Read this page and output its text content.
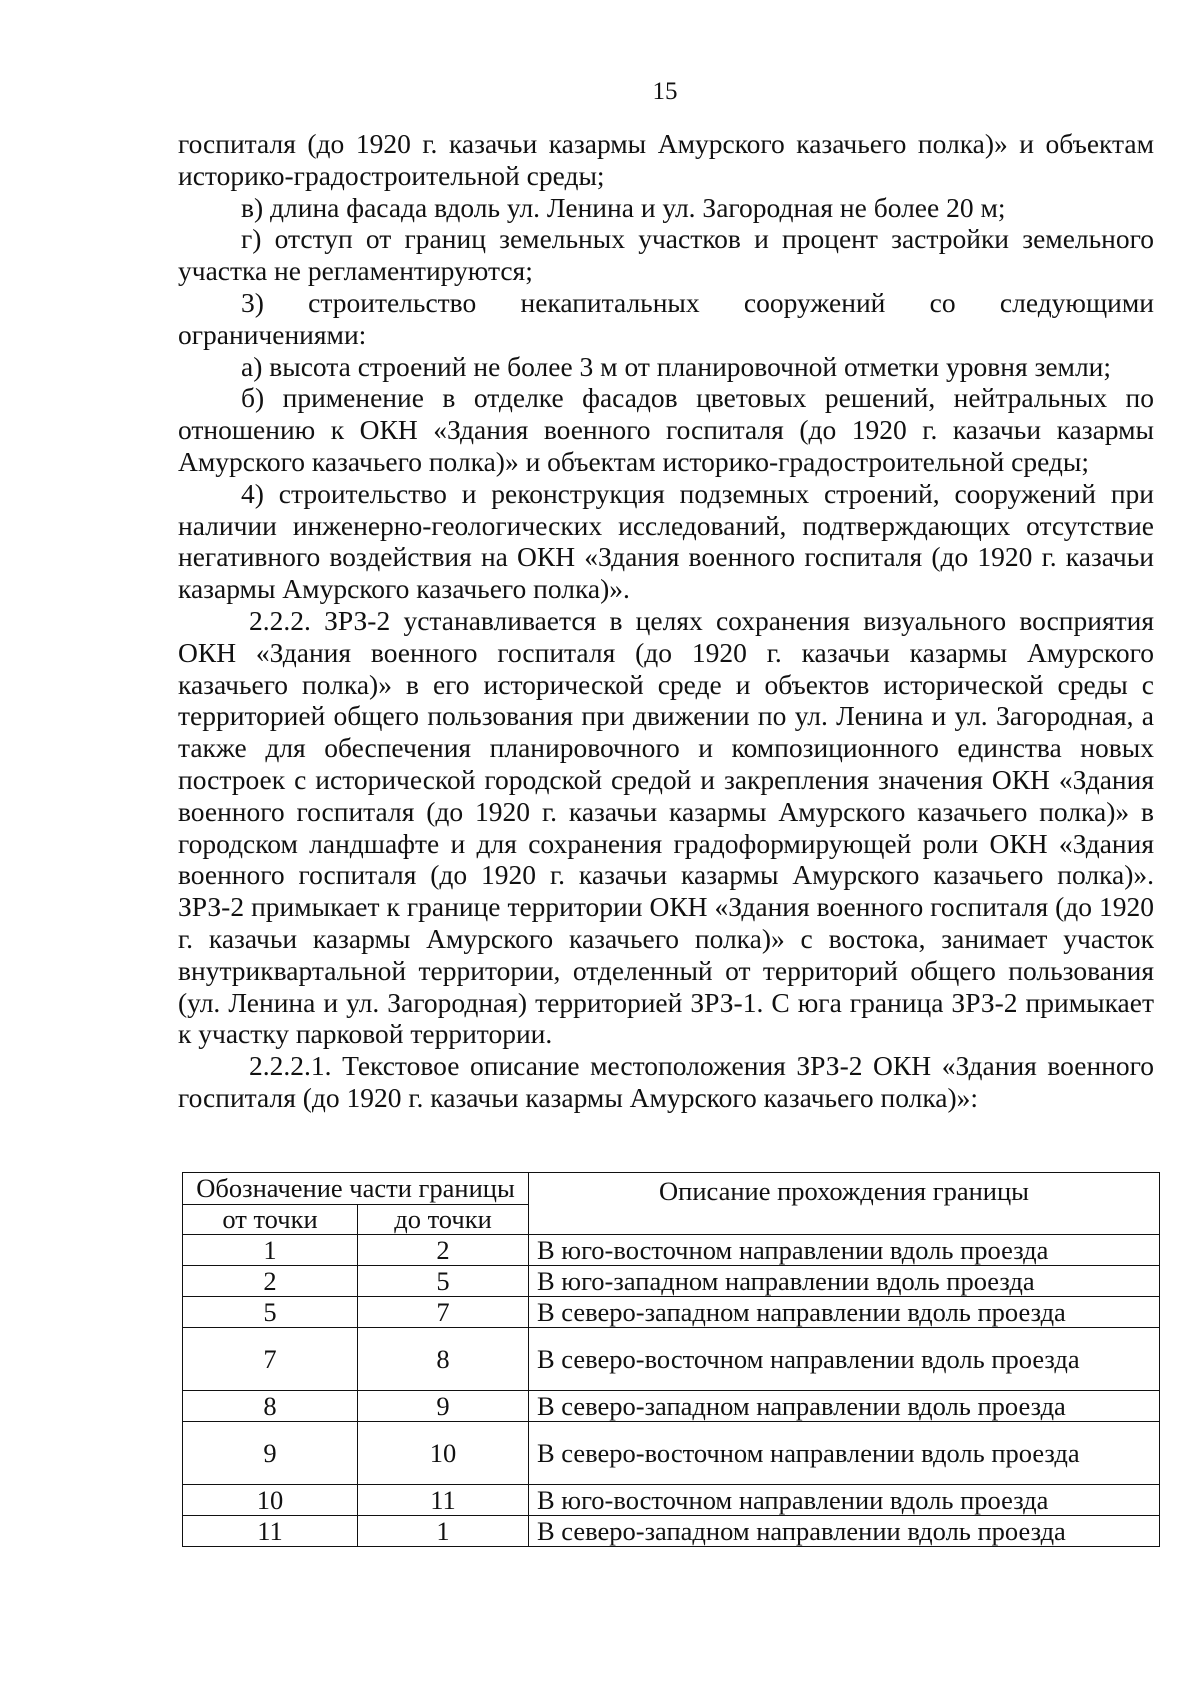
15

госпиталя (до 1920 г. казачьи казармы Амурского казачьего полка)» и объектам историко-градостроительной среды;

в) длина фасада вдоль ул. Ленина и ул. Загородная не более 20 м;

г) отступ от границ земельных участков и процент застройки земельного участка не регламентируются;

3) строительство некапитальных сооружений со следующими ограничениями:

а) высота строений не более 3 м от планировочной отметки уровня земли;

б) применение в отделке фасадов цветовых решений, нейтральных по отношению к ОКН «Здания военного госпиталя (до 1920 г. казачьи казармы Амурского казачьего полка)» и объектам историко-градостроительной среды;

4) строительство и реконструкция подземных строений, сооружений при наличии инженерно-геологических исследований, подтверждающих отсутствие негативного воздействия на ОКН «Здания военного госпиталя (до 1920 г. казачьи казармы Амурского казачьего полка)».

2.2.2. ЗРЗ-2 устанавливается в целях сохранения визуального восприятия ОКН «Здания военного госпиталя (до 1920 г. казачьи казармы Амурского казачьего полка)» в его исторической среде и объектов исторической среды с территорией общего пользования при движении по ул. Ленина и ул. Загородная, а также для обеспечения планировочного и композиционного единства новых построек с исторической городской средой и закрепления значения ОКН «Здания военного госпиталя (до 1920 г. казачьи казармы Амурского казачьего полка)» в городском ландшафте и для сохранения градоформирующей роли ОКН «Здания военного госпиталя (до 1920 г. казачьи казармы Амурского казачьего полка)». ЗРЗ-2 примыкает к границе территории ОКН «Здания военного госпиталя (до 1920 г. казачьи казармы Амурского казачьего полка)» с востока, занимает участок внутриквартальной территории, отделенный от территорий общего пользования (ул. Ленина и ул. Загородная) территорией ЗРЗ-1. С юга граница ЗРЗ-2 примыкает к участку парковой территории.

2.2.2.1. Текстовое описание местоположения ЗРЗ-2 ОКН «Здания военного госпиталя (до 1920 г. казачьи казармы Амурского казачьего полка)»:

Обозначение части границы		Описание прохождения границы
от точки	до точки	
1	2	В юго-восточном направлении вдоль проезда
2	5	В юго-западном направлении вдоль проезда
5	7	В северо-западном направлении вдоль проезда
7	8	В северо-восточном направлении вдоль проезда
8	9	В северо-западном направлении вдоль проезда
9	10	В северо-восточном направлении вдоль проезда
10	11	В юго-восточном направлении вдоль проезда
11	1	В северо-западном направлении вдоль проезда
